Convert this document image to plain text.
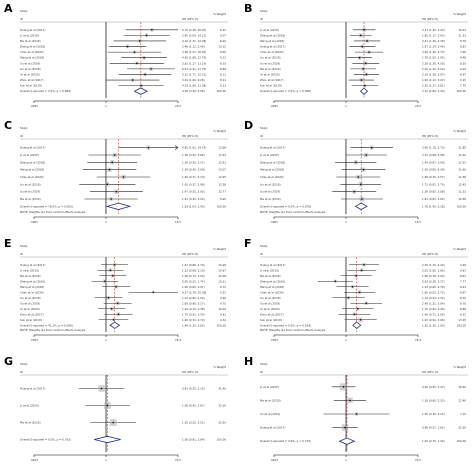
A	Study
ID	OR (95% CI)
% Weight
Huang et al (2017)	6.79 (2.28, 20.20)	8.32
Li et al (2019)	5.45 (2.09, 14.21)	9.07
Ma et al (2019)	4.10 (1.37, 12.28)	8.20
Zhang et al (2016)	2.46 (1.12, 5.40)	10.12
Chen et al (2020)	3.28 (1.07, 10.05)	8.05
Wang et al (2018)	4.90 (1.89, 12.70)	9.12
Xu et al (2019)	3.62 (1.17, 11.19)	8.03
Liu et al (2018)	6.54 (2.41, 17.75)	8.89
Yu et al (2020)	5.12 (1.71, 15.31)	8.11
Zhou et al (2017)	3.04 (1.00, 9.26)	8.01
Sun et al (2019)	4.33 (1.69, 11.08)	9.13
Overall (I-squared = 0.0%, p = 0.884)	4.28 (3.29, 5.56)	100.00
.0495	1	20.2
B	Study
ID	HR (95% CI)
% Weight
Li et al (2019)	2.13 (1.32, 3.43)	10.54
Zhang et al (2016)	1.85 (1.17, 2.93)	11.23
Wang et al (2018)	2.41 (1.39, 4.18)	8.76
Huang et al (2017)	1.97 (1.14, 3.40)	8.81
Chen et al (2020)	2.62 (1.45, 4.73)	7.90
Liu et al (2018)	1.76 (1.05, 2.95)	9.48
Xu et al (2019)	2.28 (1.30, 4.00)	8.35
Ma et al (2019)	2.05 (1.20, 3.50)	9.02
Yu et al (2020)	2.34 (1.38, 3.97)	8.97
Zhou et al (2017)	1.90 (1.12, 3.22)	9.15
Sun et al (2019)	2.20 (1.27, 3.81)	7.79
Overall (I-squared = 0.0%, p = 0.998)	2.12 (1.84, 2.44)	100.00
.0495	1	20.2
C	Study
ID	HR (95% CI)
% Weight
Huang et al (2017)	4.85 (1.62, 14.52)	12.86
Li et al (2019)	1.38 (0.52, 3.66)	13.34
Zhang et al (2016)	1.26 (0.50, 3.17)	13.51
Wang et al (2018)	1.14 (0.42, 3.09)	13.07
Chen et al (2020)	1.92 (0.71, 5.19)	12.95
Liu et al (2018)	1.05 (0.37, 2.98)	12.58
Xu et al (2019)	1.47 (0.55, 3.93)	12.77
Ma et al (2019)	1.21 (0.45, 3.25)	8.92
Overall (I-squared = 76.5%, p = 0.000)	1.59 (1.04, 2.43)	100.00
NOTE: Weights are from random effects analysis
.0691	1	14.5
D	Study
ID	HR (95% CI)
% Weight
Huang et al (2017)	2.60 (1.18, 5.73)	11.85
Li et al (2019)	2.12 (0.98, 4.58)	12.10
Zhang et al (2016)	1.44 (0.67, 3.09)	12.32
Wang et al (2018)	1.92 (0.85, 4.34)	11.60
Chen et al (2020)	1.58 (0.70, 3.57)	11.58
Liu et al (2018)	1.73 (0.81, 3.70)	12.45
Xu et al (2019)	1.36 (0.60, 3.08)	11.52
Ma et al (2019)	1.81 (0.83, 3.95)	16.58
Overall (I-squared = 0.0%, p = 0.978)	1.76 (1.42, 2.18)	100.00
NOTE: Weights are from random effects analysis
.0691	1	14.5
E	Study
ID	HR (95% CI)
% Weight
Huang et al (2017)	1.47 (0.80, 2.70)	10.28
Li et al (2019)	1.22 (0.68, 2.19)	10.67
Ma et al (2019)	1.36 (0.74, 2.50)	10.08
Zhang et al (2016)	0.95 (0.52, 1.74)	10.11
Wang et al (2018)	1.58 (0.84, 2.97)	9.72
Chen et al (2020)	8.37 (2.76, 25.38)	5.52
Liu et al (2018)	1.12 (0.60, 2.09)	9.90
Xu et al (2019)	1.69 (0.90, 3.17)	9.75
Yu et al (2020)	1.29 (0.70, 2.38)	10.02
Zhou et al (2017)	1.75 (0.93, 3.29)	9.61
Sun et al (2019)	1.40 (0.72, 2.72)	4.34
Overall (I-squared = 41.2%, p = 0.058)	1.48 (1.20, 1.83)	100.00
NOTE: Weights are from random effects analysis
.0394	1	25.4
F	Study
ID	HR (95% CI)
% Weight
Huang et al (2017)	2.25 (1.15, 4.40)	9.26
Li et al (2019)	2.02 (1.06, 3.85)	9.61
Ma et al (2019)	1.58 (0.78, 3.20)	8.61
Zhang et al (2016)	0.62 (0.28, 1.37)	7.77
Wang et al (2018)	1.34 (0.65, 2.76)	8.43
Chen et al (2020)	1.85 (0.92, 3.72)	8.87
Liu et al (2018)	1.12 (0.54, 2.32)	8.30
Xu et al (2019)	2.48 (1.22, 5.04)	8.70
Yu et al (2020)	1.70 (0.84, 3.44)	8.68
Zhou et al (2017)	1.46 (0.71, 3.00)	8.52
Sun et al (2019)	1.93 (0.94, 3.96)	13.25
Overall (I-squared = 0.0%, p = 0.524)	1.62 (1.36, 1.93)	100.00
NOTE: Weights are from random effects analysis
.0394	1	25.4
G	Study
ID	OR (95% CI)
% Weight
Huang et al (2017)	0.83 (0.32, 2.15)	31.40
Li et al (2019)	1.06 (0.42, 2.67)	33.10
Ma et al (2019)	1.35 (0.52, 3.51)	35.50
Overall (I-squared = 0.0%, p = 0.781)	1.06 (0.61, 1.84)	100.00
.0494	1	20.2
H	Study
ID	OR (95% CI)
% Weight
Li et al (2019)	0.90 (0.55, 1.47)	38.20
Ma et al (2019)	1.18 (0.60, 2.32)	22.40
Xu et al (2019)	1.55 (0.39, 6.15)	7.10
Huang et al (2017)	0.96 (0.57, 1.62)	32.30
Overall (I-squared = 0.0%, p = 0.732)	1.04 (0.76, 1.42)	100.00
.0494	1	20.2
